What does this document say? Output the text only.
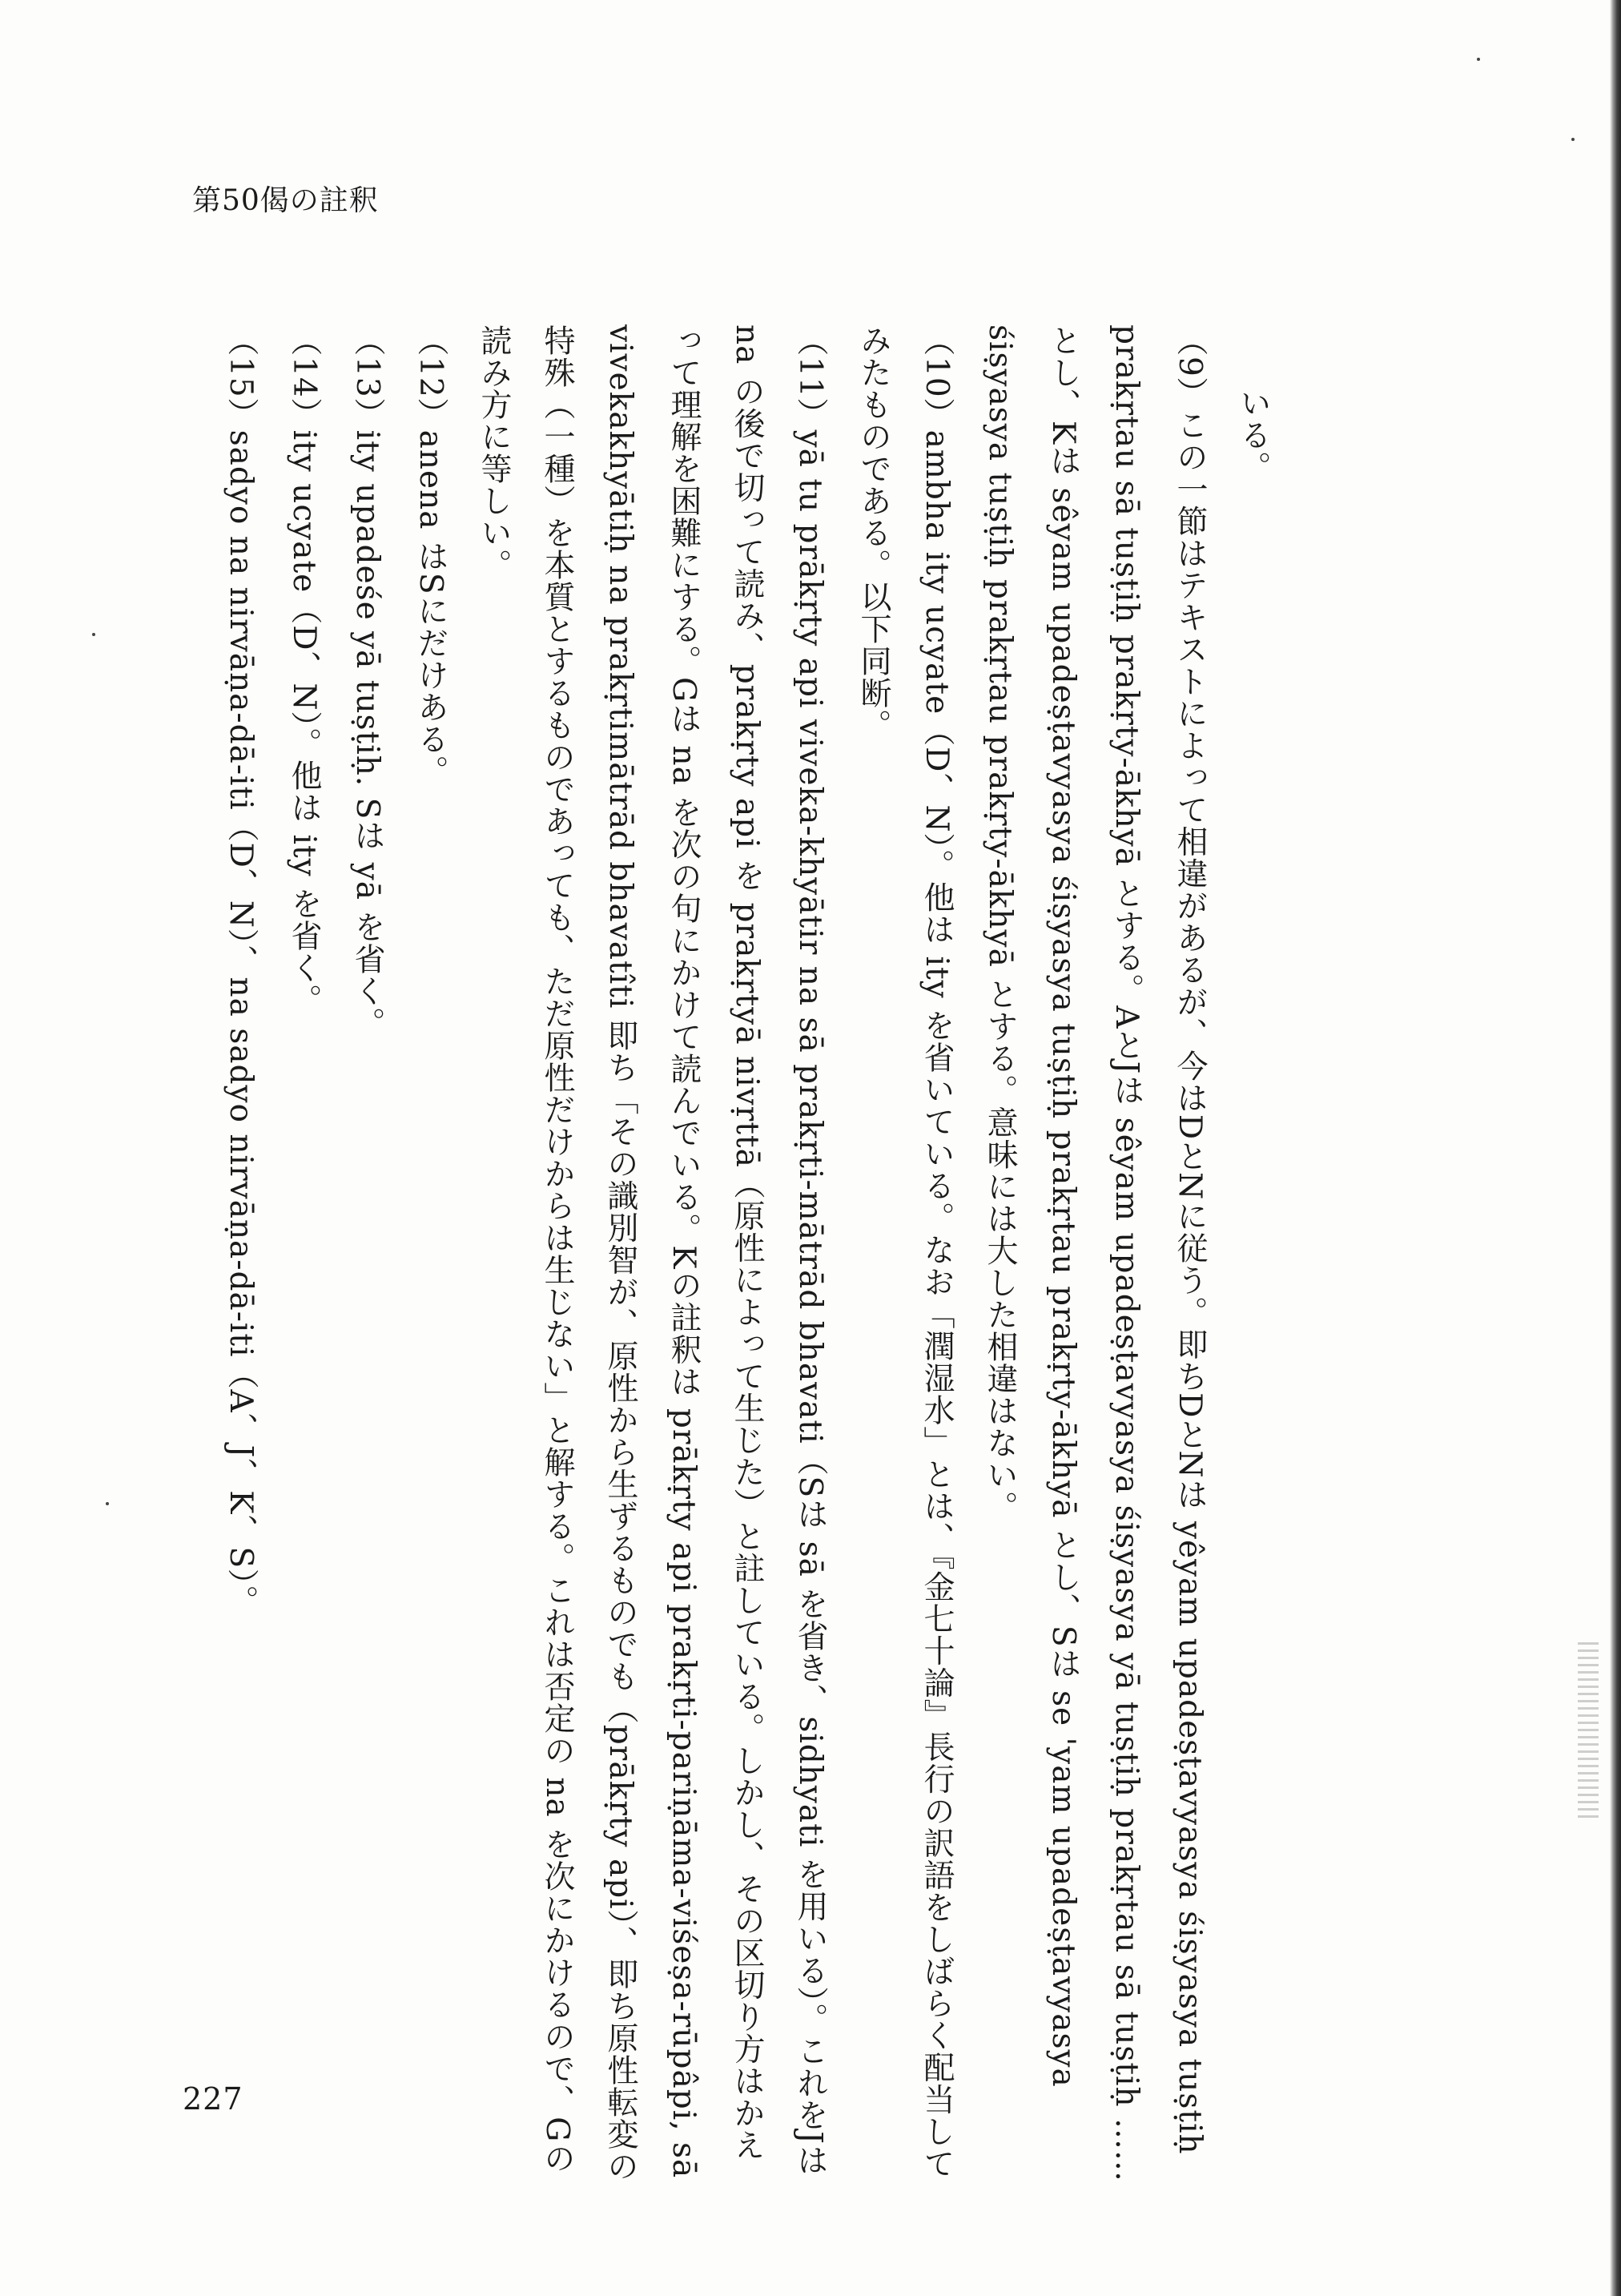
第50偈の註釈

いる。

（9）この一節はテキストによって相違があるが、今はDとNに従う。即ちDとNは yêyam upadeṣṭavyasya śiṣyasya tuṣṭiḥ prakṛtau sā tuṣṭiḥ prakṛty-ākhyā とする。AとJは sêyam upadeṣṭavyasya śiṣyasya yā tuṣṭiḥ prakṛtau sā tuṣṭiḥ …… とし、Kは sêyam upadeṣṭavyasya śiṣyasya tuṣṭiḥ prakṛtau prakṛty-ākhyā とし、Sは se 'yam upadeṣṭavyasya śiṣyasya tuṣṭiḥ prakṛtau prakṛty-ākhyā とする。意味には大した相違はない。

（10）ambha ity ucyate（D、N）。他は ity を省いている。なお「潤湿水」とは、『金七十論』長行の訳語をしばらく配当してみたものである。以下同断。

（11）yā tu prākṛty api viveka-khyātir na sā prakṛti-mātrād bhavati（Sは sā を省き、sidhyati を用いる）。これをJは na の後で切って読み、prakṛty api を prakṛtyā nivṛttā（原性によって生じた）と註している。しかし、その区切り方はかえって理解を困難にする。Gは na を次の句にかけて読んでいる。Kの註釈は prākṛty api prakṛti-pariṇāma-viśeṣa-rūpâpi, sā vivekakhyātiḥ na prakṛtimātrād bhavatîti 即ち「その識別智が、原性から生ずるものでも（prākṛty api）、即ち原性転変の特殊（一種）を本質とするものであっても、ただ原性だけからは生じない」と解する。これは否定の na を次にかけるので、Gの読み方に等しい。

（12）anena はSにだけある。

（13）ity upadeśe yā tuṣṭiḥ. Sは yā を省く。

（14）ity ucyate（D、N）。他は ity を省く。

（15）sadyo na nirvāṇa-dā-iti（D、N）、na sadyo nirvāṇa-dā-iti（A、J、K、S）。

227
